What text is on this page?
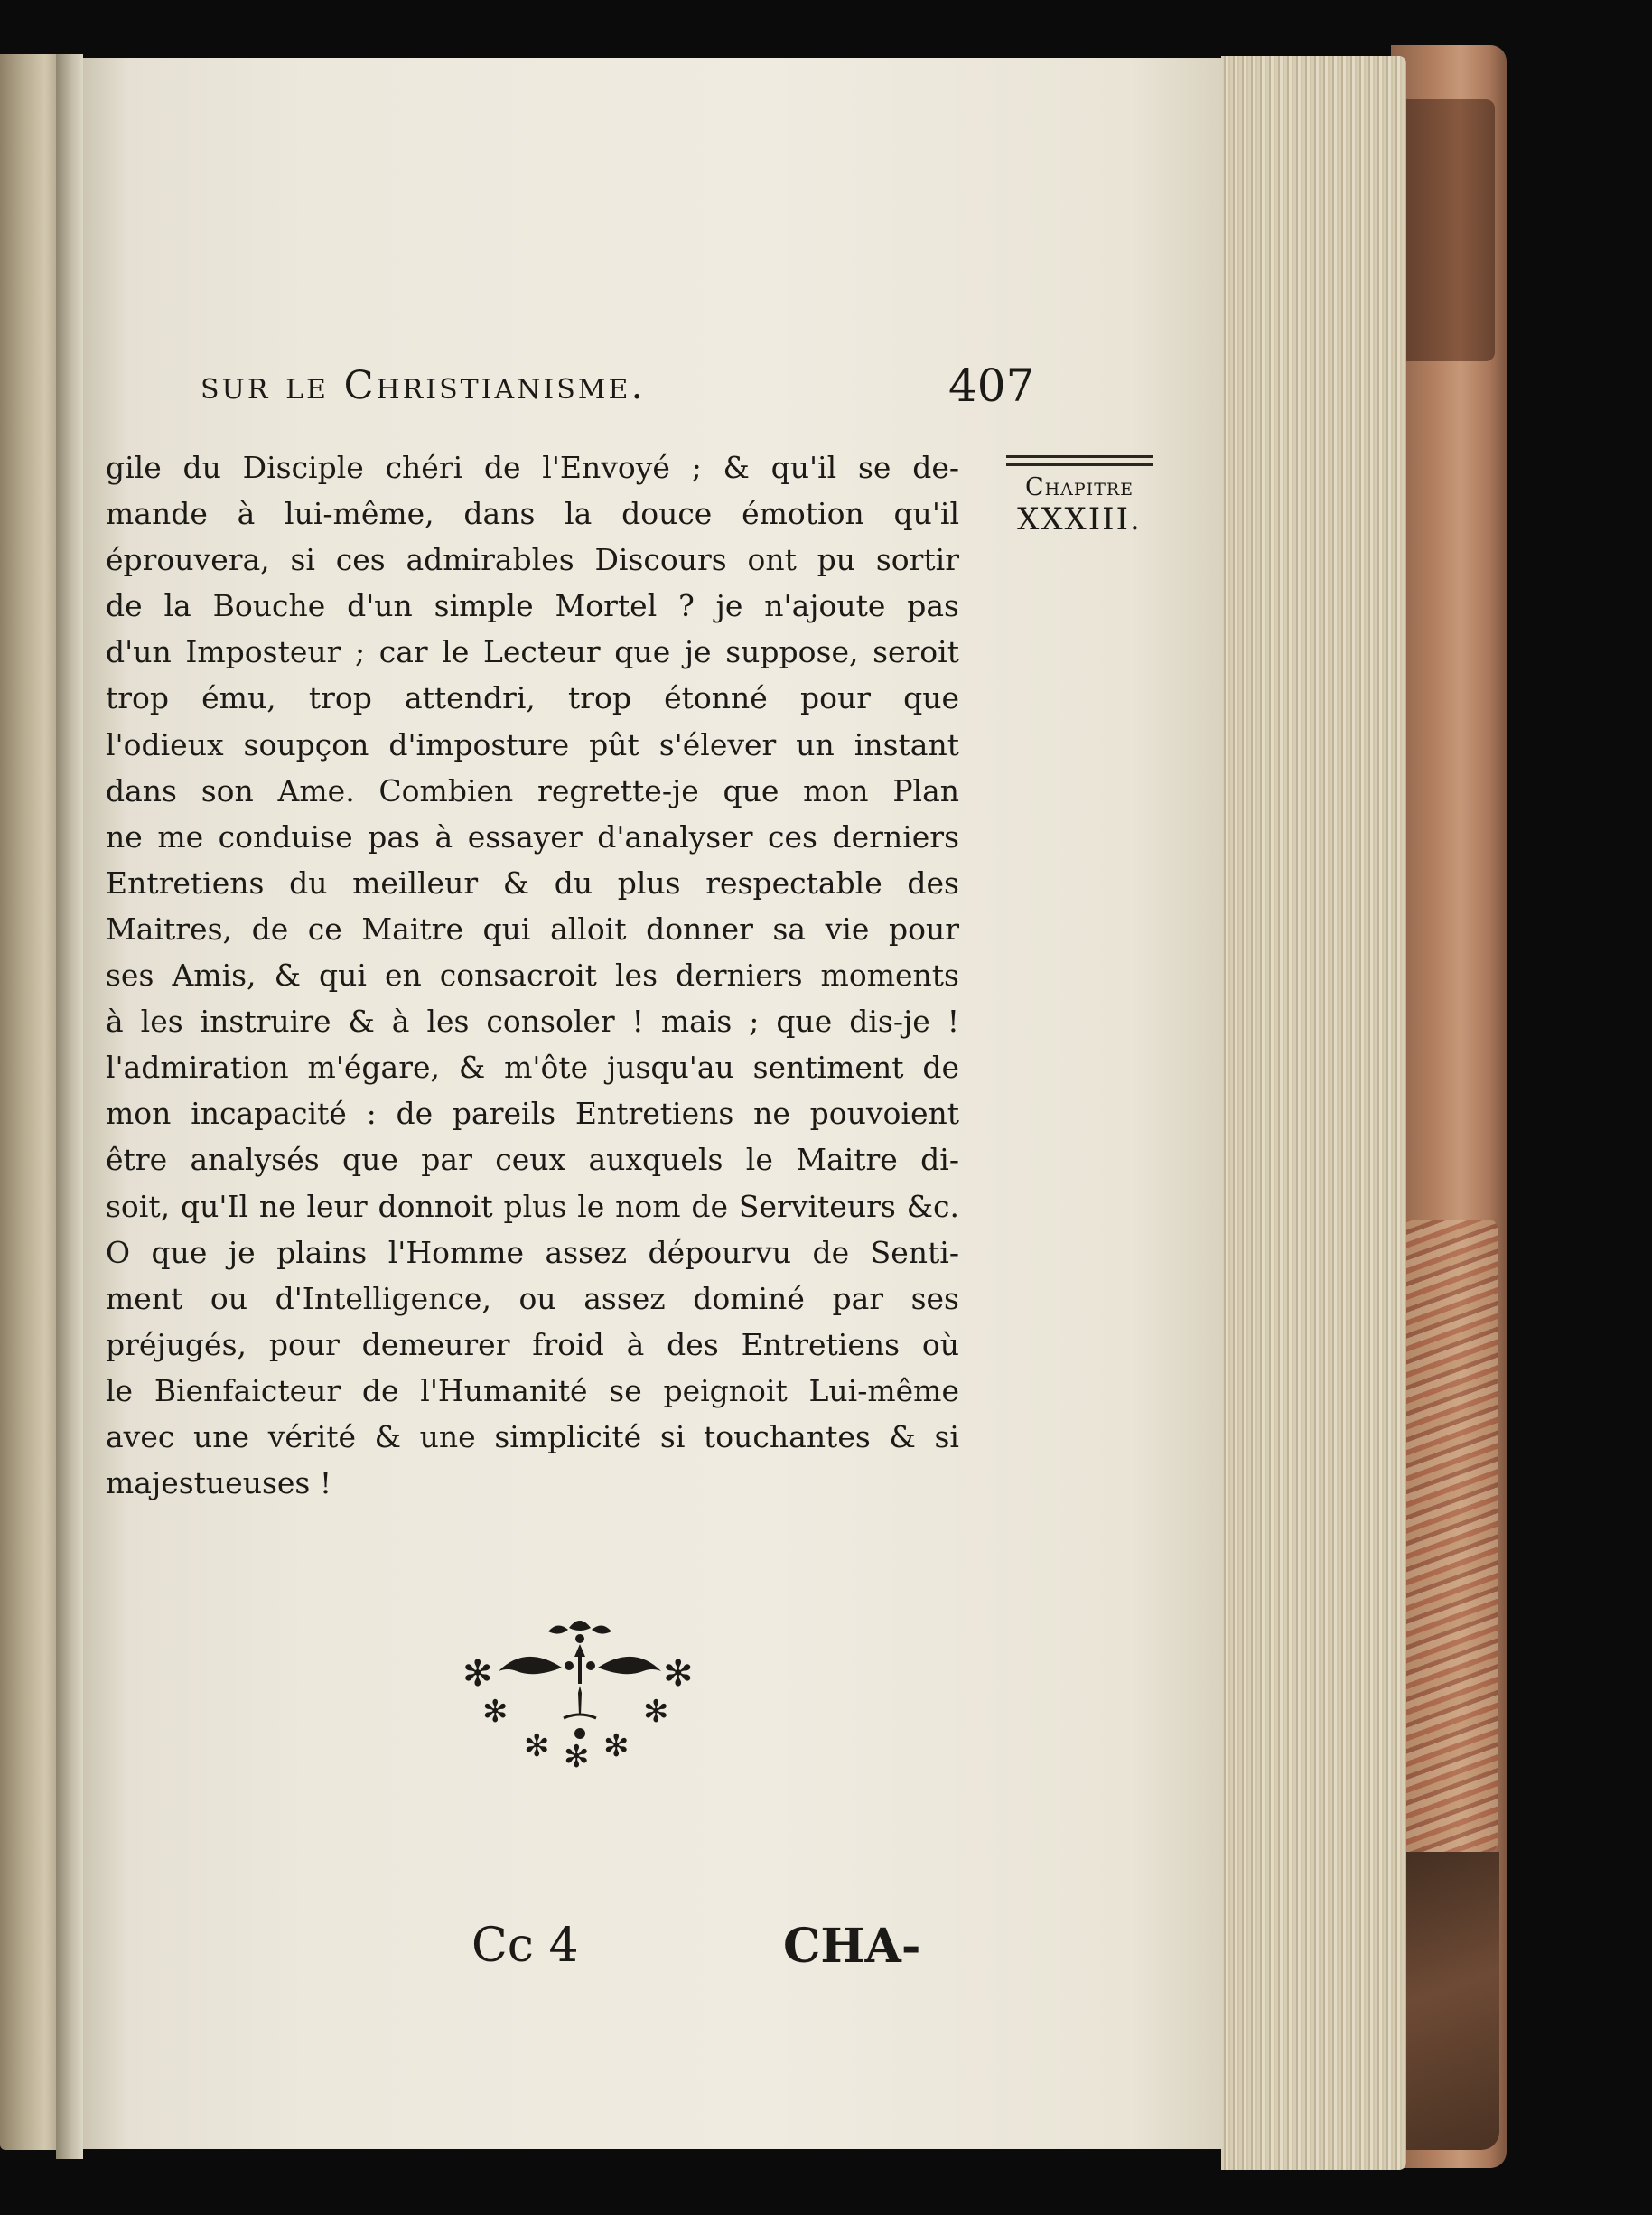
sur le Christianisme.	407
gile du Disciple chéri de l'Envoyé ; & qu'il se de-
mande à lui-même, dans la douce émotion qu'il
éprouvera, si ces admirables Discours ont pu sortir
de la Bouche d'un simple Mortel ? je n'ajoute pas
d'un Imposteur ; car le Lecteur que je suppose, seroit
trop ému, trop attendri, trop étonné pour que
l'odieux soupçon d'imposture pût s'élever un instant
dans son Ame. Combien regrette-je que mon Plan
ne me conduise pas à essayer d'analyser ces derniers
Entretiens du meilleur & du plus respectable des
Maitres, de ce Maitre qui alloit donner sa vie pour
ses Amis, & qui en consacroit les derniers moments
à les instruire & à les consoler ! mais ; que dis-je !
l'admiration m'égare, & m'ôte jusqu'au sentiment de
mon incapacité : de pareils Entretiens ne pouvoient
être analysés que par ceux auxquels le Maitre di-
soit, qu'Il ne leur donnoit plus le nom de Serviteurs &c.
O que je plains l'Homme assez dépourvu de Senti-
ment ou d'Intelligence, ou assez dominé par ses
préjugés, pour demeurer froid à des Entretiens où
le Bienfaicteur de l'Humanité se peignoit Lui-même
avec une vérité & une simplicité si touchantes & si
majestueuses !
Chapitre
XXXIII.
✻	✻
✻	✻
✻ ✻ ✻
Cc 4	CHA-
